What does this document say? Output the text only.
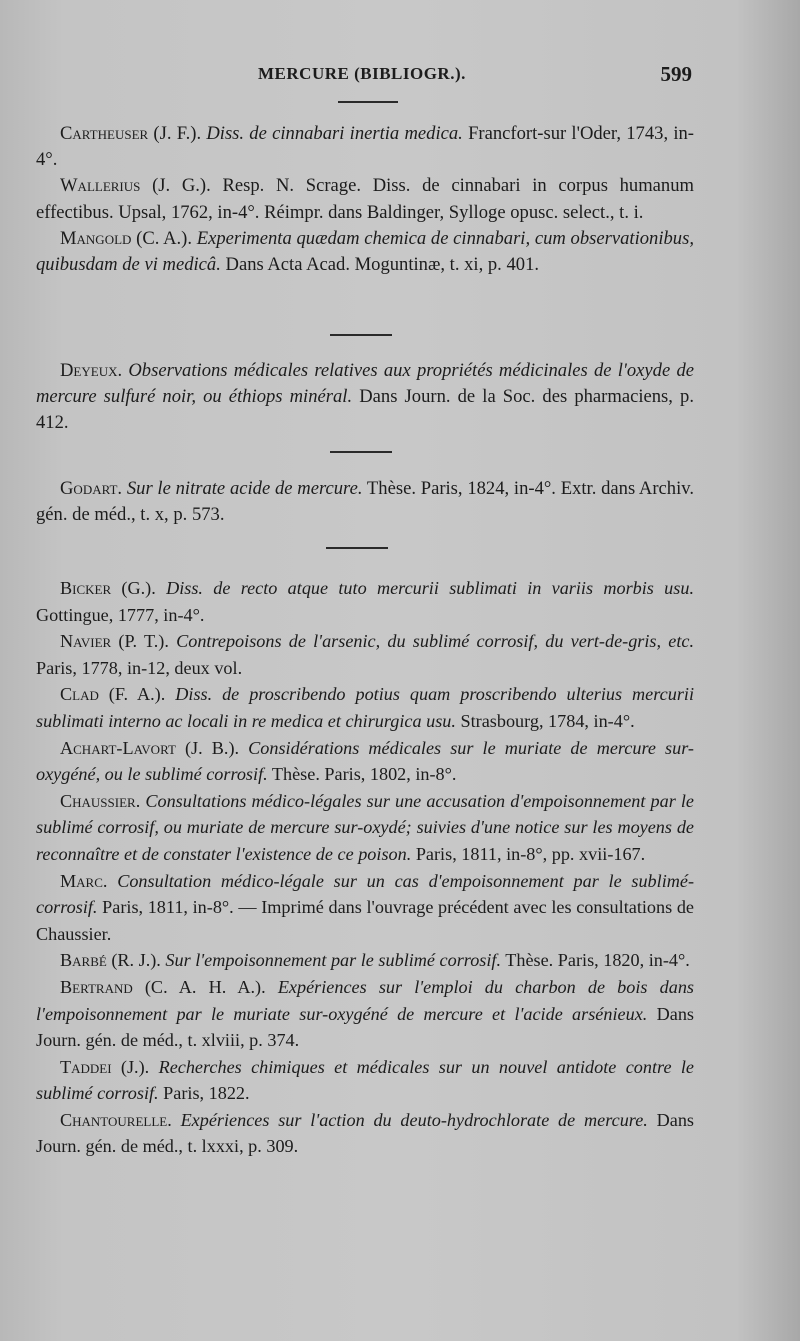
MERCURE (BIBLIOGR.).	599

Cartheuser (J. F.). Diss. de cinnabari inertia medica. Francfort-sur l'Oder, 1743, in-4°.

Wallerius (J. G.). Resp. N. Scrage. Diss. de cinnabari in corpus humanum effectibus. Upsal, 1762, in-4°. Réimpr. dans Baldinger, Sylloge opusc. select., t. i.

Mangold (C. A.). Experimenta quædam chemica de cinnabari, cum observationibus, quibusdam de vi medicâ. Dans Acta Acad. Moguntinæ, t. xi, p. 401.

Deyeux. Observations médicales relatives aux propriétés médicinales de l'oxyde de mercure sulfuré noir, ou éthiops minéral. Dans Journ. de la Soc. des pharmaciens, p. 412.

Godart. Sur le nitrate acide de mercure. Thèse. Paris, 1824, in-4°. Extr. dans Archiv. gén. de méd., t. x, p. 573.

Bicker (G.). Diss. de recto atque tuto mercurii sublimati in variis morbis usu. Gottingue, 1777, in-4°.

Navier (P. T.). Contrepoisons de l'arsenic, du sublimé corrosif, du vert-de-gris, etc. Paris, 1778, in-12, deux vol.

Clad (F. A.). Diss. de proscribendo potius quam proscribendo ulterius mercurii sublimati interno ac locali in re medica et chirurgica usu. Strasbourg, 1784, in-4°.

Achart-Lavort (J. B.). Considérations médicales sur le muriate de mercure sur-oxygéné, ou le sublimé corrosif. Thèse. Paris, 1802, in-8°.

Chaussier. Consultations médico-légales sur une accusation d'empoisonnement par le sublimé corrosif, ou muriate de mercure sur-oxydé; suivies d'une notice sur les moyens de reconnaître et de constater l'existence de ce poison. Paris, 1811, in-8°, pp. xvii-167.

Marc. Consultation médico-légale sur un cas d'empoisonnement par le sublimé-corrosif. Paris, 1811, in-8°. — Imprimé dans l'ouvrage précédent avec les consultations de Chaussier.

Barbé (R. J.). Sur l'empoisonnement par le sublimé corrosif. Thèse. Paris, 1820, in-4°.

Bertrand (C. A. H. A.). Expériences sur l'emploi du charbon de bois dans l'empoisonnement par le muriate sur-oxygéné de mercure et l'acide arsénieux. Dans Journ. gén. de méd., t. xlviii, p. 374.

Taddei (J.). Recherches chimiques et médicales sur un nouvel antidote contre le sublimé corrosif. Paris, 1822.

Chantourelle. Expériences sur l'action du deuto-hydrochlorate de mercure. Dans Journ. gén. de méd., t. lxxxi, p. 309.
